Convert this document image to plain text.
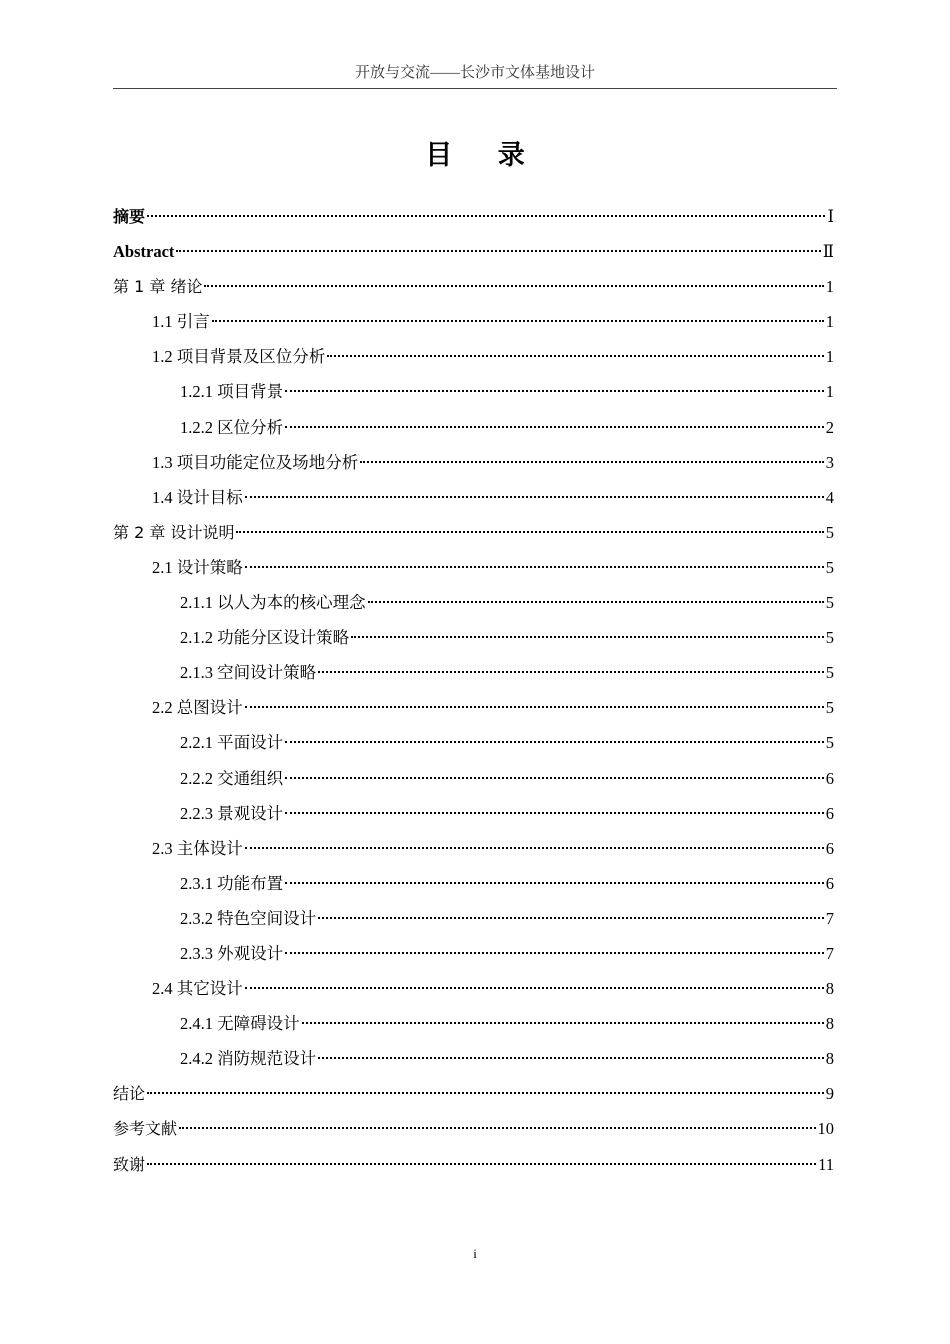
开放与交流——长沙市文体基地设计
目 录
摘要	Ⅰ
Abstract	Ⅱ
第 1 章 绪论	1
1.1 引言	1
1.2 项目背景及区位分析	1
1.2.1 项目背景	1
1.2.2 区位分析	2
1.3 项目功能定位及场地分析	3
1.4 设计目标	4
第 2 章 设计说明	5
2.1 设计策略	5
2.1.1 以人为本的核心理念	5
2.1.2 功能分区设计策略	5
2.1.3 空间设计策略	5
2.2 总图设计	5
2.2.1 平面设计	5
2.2.2 交通组织	6
2.2.3 景观设计	6
2.3 主体设计	6
2.3.1 功能布置	6
2.3.2 特色空间设计	7
2.3.3 外观设计	7
2.4 其它设计	8
2.4.1 无障碍设计	8
2.4.2 消防规范设计	8
结论	9
参考文献	10
致谢	11
i
